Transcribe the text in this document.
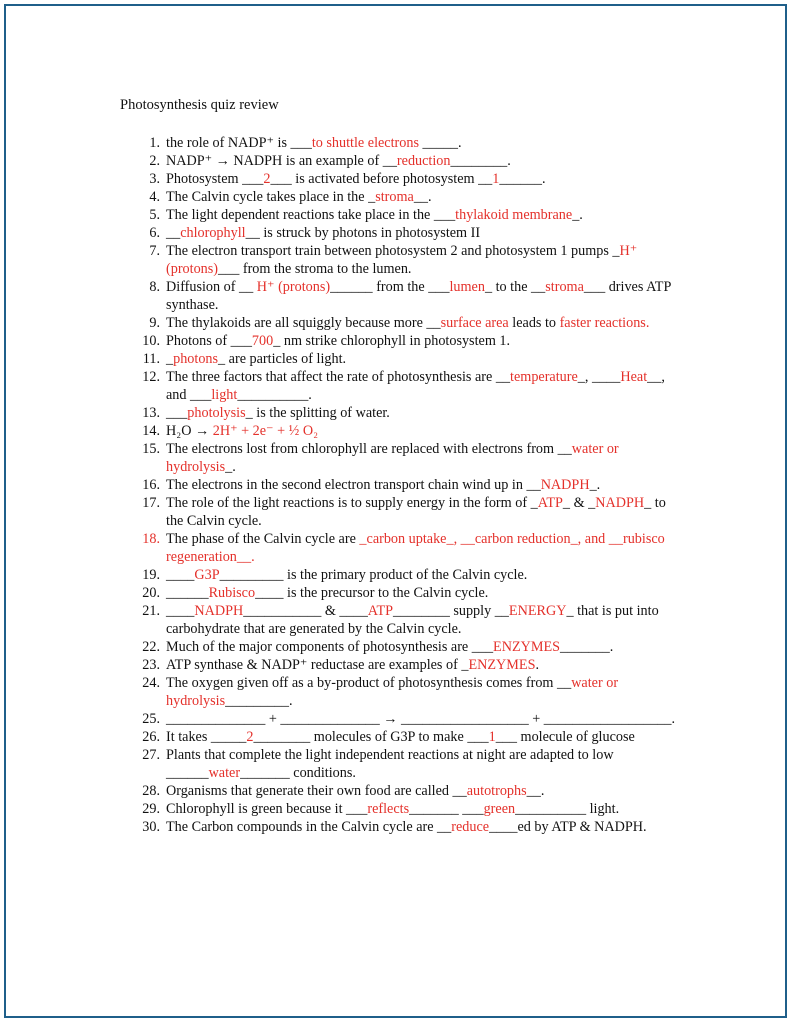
Photosynthesis quiz review
1. the role of NADP⁺ is ___to shuttle electrons _____.
2. NADP⁺ → NADPH is an example of __reduction________.
3. Photosystem ___2___ is activated before photosystem __1______.
4. The Calvin cycle takes place in the _stroma__.
5. The light dependent reactions take place in the ___thylakoid membrane_.
6. __chlorophyll__ is struck by photons in photosystem II
7. The electron transport train between photosystem 2 and photosystem 1 pumps _H⁺ (protons)___ from the stroma to the lumen.
8. Diffusion of __ H⁺ (protons)______ from the ___lumen_ to the __stroma___ drives ATP synthase.
9. The thylakoids are all squiggly because more __surface area leads to faster reactions.
10. Photons of ___700_ nm strike chlorophyll in photosystem 1.
11. _photons_ are particles of light.
12. The three factors that affect the rate of photosynthesis are __temperature_, ____Heat__, and ___light__________.
13. ___photolysis_ is the splitting of water.
14. H₂O → 2H⁺ + 2e⁻ + ½ O₂
15. The electrons lost from chlorophyll are replaced with electrons from __water or hydrolysis_.
16. The electrons in the second electron transport chain wind up in __NADPH_.
17. The role of the light reactions is to supply energy in the form of _ATP_ & _NADPH_ to the Calvin cycle.
18. The phase of the Calvin cycle are _carbon uptake_, __carbon reduction_, and __rubisco regeneration__.
19. ____G3P_________ is the primary product of the Calvin cycle.
20. ______Rubisco____ is the precursor to the Calvin cycle.
21. ____NADPH___________ & ____ATP________ supply __ENERGY_ that is put into carbohydrate that are generated by the Calvin cycle.
22. Much of the major components of photosynthesis are ___ENZYMES_______.
23. ATP synthase & NADP⁺ reductase are examples of _ENZYMES.
24. The oxygen given off as a by-product of photosynthesis comes from __water or hydrolysis_________.
25. ______________ + ______________ → __________________ + __________________.
26. It takes _____2________ molecules of G3P to make ___1___ molecule of glucose
27. Plants that complete the light independent reactions at night are adapted to low ______water_______ conditions.
28. Organisms that generate their own food are called __autotrophs__.
29. Chlorophyll is green because it ___reflects_______ ___green__________ light.
30. The Carbon compounds in the Calvin cycle are __reduce____ed by ATP & NADPH.
